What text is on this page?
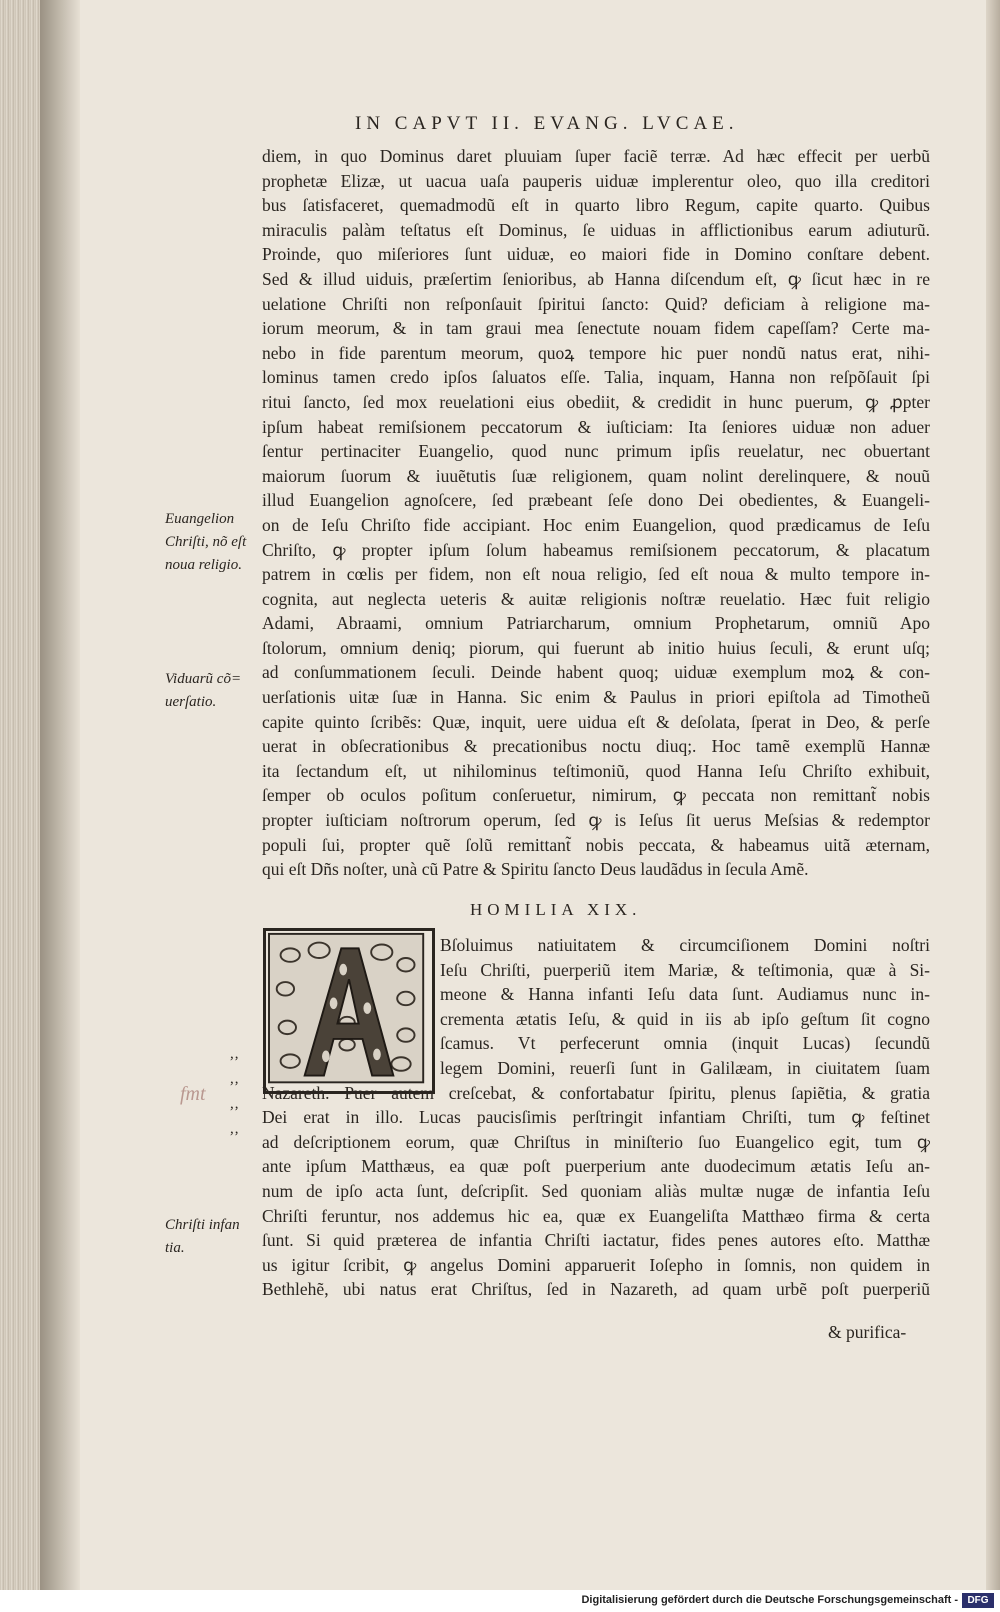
IN CAPVT II. EVANG. LVCAE.
diem, in quo Dominus daret pluuiam ſuper faciẽ terræ. Ad hæc effecit per uerbũ
prophetæ Elizæ, ut uacua uaſa pauperis uiduæ implerentur oleo, quo illa creditori
bus ſatisfaceret, quemadmodũ eſt in quarto libro Regum, capite quarto. Quibus
miraculis palàm teſtatus eſt Dominus, ſe uiduas in afflictionibus earum adiuturũ.
Proinde, quo miſeriores ſunt uiduæ, eo maiori fide in Domino conſtare debent.
Sed & illud uiduis, præſertim ſenioribus, ab Hanna diſcendum eſt, ꝙ ſicut hæc in re
uelatione Chriſti non reſponſauit ſpiritui ſancto: Quid? deficiam à religione ma-
iorum meorum, & in tam graui mea ſenectute nouam fidem capeſſam? Certe ma-
nebo in fide parentum meorum, quoꝝ tempore hic puer nondũ natus erat, nihi-
lominus tamen credo ipſos ſaluatos eſſe. Talia, inquam, Hanna non reſpõſauit ſpi
ritui ſancto, ſed mox reuelationi eius obediit, & credidit in hunc puerum, ꝙ ꝓpter
ipſum habeat remiſsionem peccatorum & iuſticiam: Ita ſeniores uiduæ non aduer
ſentur pertinaciter Euangelio, quod nunc primum ipſis reuelatur, nec obuertant
maiorum ſuorum & iuuẽtutis ſuæ religionem, quam nolint derelinquere, & nouũ
illud Euangelion agnoſcere, ſed præbeant ſeſe dono Dei obedientes, & Euangeli-
on de Ieſu Chriſto fide accipiant. Hoc enim Euangelion, quod prædicamus de Ieſu
Chriſto, ꝙ propter ipſum ſolum habeamus remiſsionem peccatorum, & placatum
patrem in cœlis per fidem, non eſt noua religio, ſed eſt noua & multo tempore in-
cognita, aut neglecta ueteris & auitæ religionis noſtræ reuelatio. Hæc fuit religio
Adami, Abraami, omnium Patriarcharum, omnium Prophetarum, omniũ Apo
ſtolorum, omnium deniq; piorum, qui fuerunt ab initio huius ſeculi, & erunt uſq;
ad conſummationem ſeculi. Deinde habent quoq; uiduæ exemplum moꝝ & con-
uerſationis uitæ ſuæ in Hanna. Sic enim & Paulus in priori epiſtola ad Timotheũ
capite quinto ſcribẽs: Quæ, inquit, uere uidua eſt & deſolata, ſperat in Deo, & perſe
uerat in obſecrationibus & precationibus noctu diuq;. Hoc tamẽ exemplũ Hannæ
ita ſectandum eſt, ut nihilominus teſtimoniũ, quod Hanna Ieſu Chriſto exhibuit,
ſemper ob oculos poſitum conſeruetur, nimirum, ꝙ peccata non remittant̃ nobis
propter iuſticiam noſtrorum operum, ſed ꝙ is Ieſus ſit uerus Meſsias & redemptor
populi ſui, propter quẽ ſolũ remittant̃ nobis peccata, & habeamus uitã æternam,
qui eſt Dñs noſter, unà cũ Patre & Spiritu ſancto Deus laudãdus in ſecula Amẽ.
HOMILIA XIX.
Bſoluimus natiuitatem & circumciſionem Domini noſtri
Ieſu Chriſti, puerperiũ item Mariæ, & teſtimonia, quæ à Si-
meone & Hanna infanti Ieſu data ſunt. Audiamus nunc in-
crementa ætatis Ieſu, & quid in iis ab ipſo geſtum ſit cogno
ſcamus. Vt perfecerunt omnia (inquit Lucas) ſecundũ
legem Domini, reuerſi ſunt in Galilæam, in ciuitatem ſuam
Nazareth. Puer autem creſcebat, & confortabatur ſpiritu, plenus ſapiẽtia, & gratia
Dei erat in illo. Lucas paucisſimis perſtringit infantiam Chriſti, tum ꝙ feſtinet
ad deſcriptionem eorum, quæ Chriſtus in miniſterio ſuo Euangelico egit, tum ꝙ
ante ipſum Matthæus, ea quæ poſt puerperium ante duodecimum ætatis Ieſu an-
num de ipſo acta ſunt, deſcripſit. Sed quoniam aliàs multæ nugæ de infantia Ieſu
Chriſti feruntur, nos addemus hic ea, quæ ex Euangeliſta Matthæo firma & certa
ſunt. Si quid præterea de infantia Chriſti iactatur, fides penes autores eſto. Matthæ
us igitur ſcribit, ꝙ angelus Domini apparuerit Ioſepho in ſomnis, non quidem in
Bethlehẽ, ubi natus erat Chriſtus, ſed in Nazareth, ad quam urbẽ poſt puerperiũ
& purifica-
Euangelion
Chriſti, nõ eſt
noua religio.
Viduarũ cõ=
uerſatio.
Chriſti infan
tia.
,,
,,
,,
,,
fmt
Digitalisierung gefördert durch die Deutsche Forschungsgemeinschaft - DFG
